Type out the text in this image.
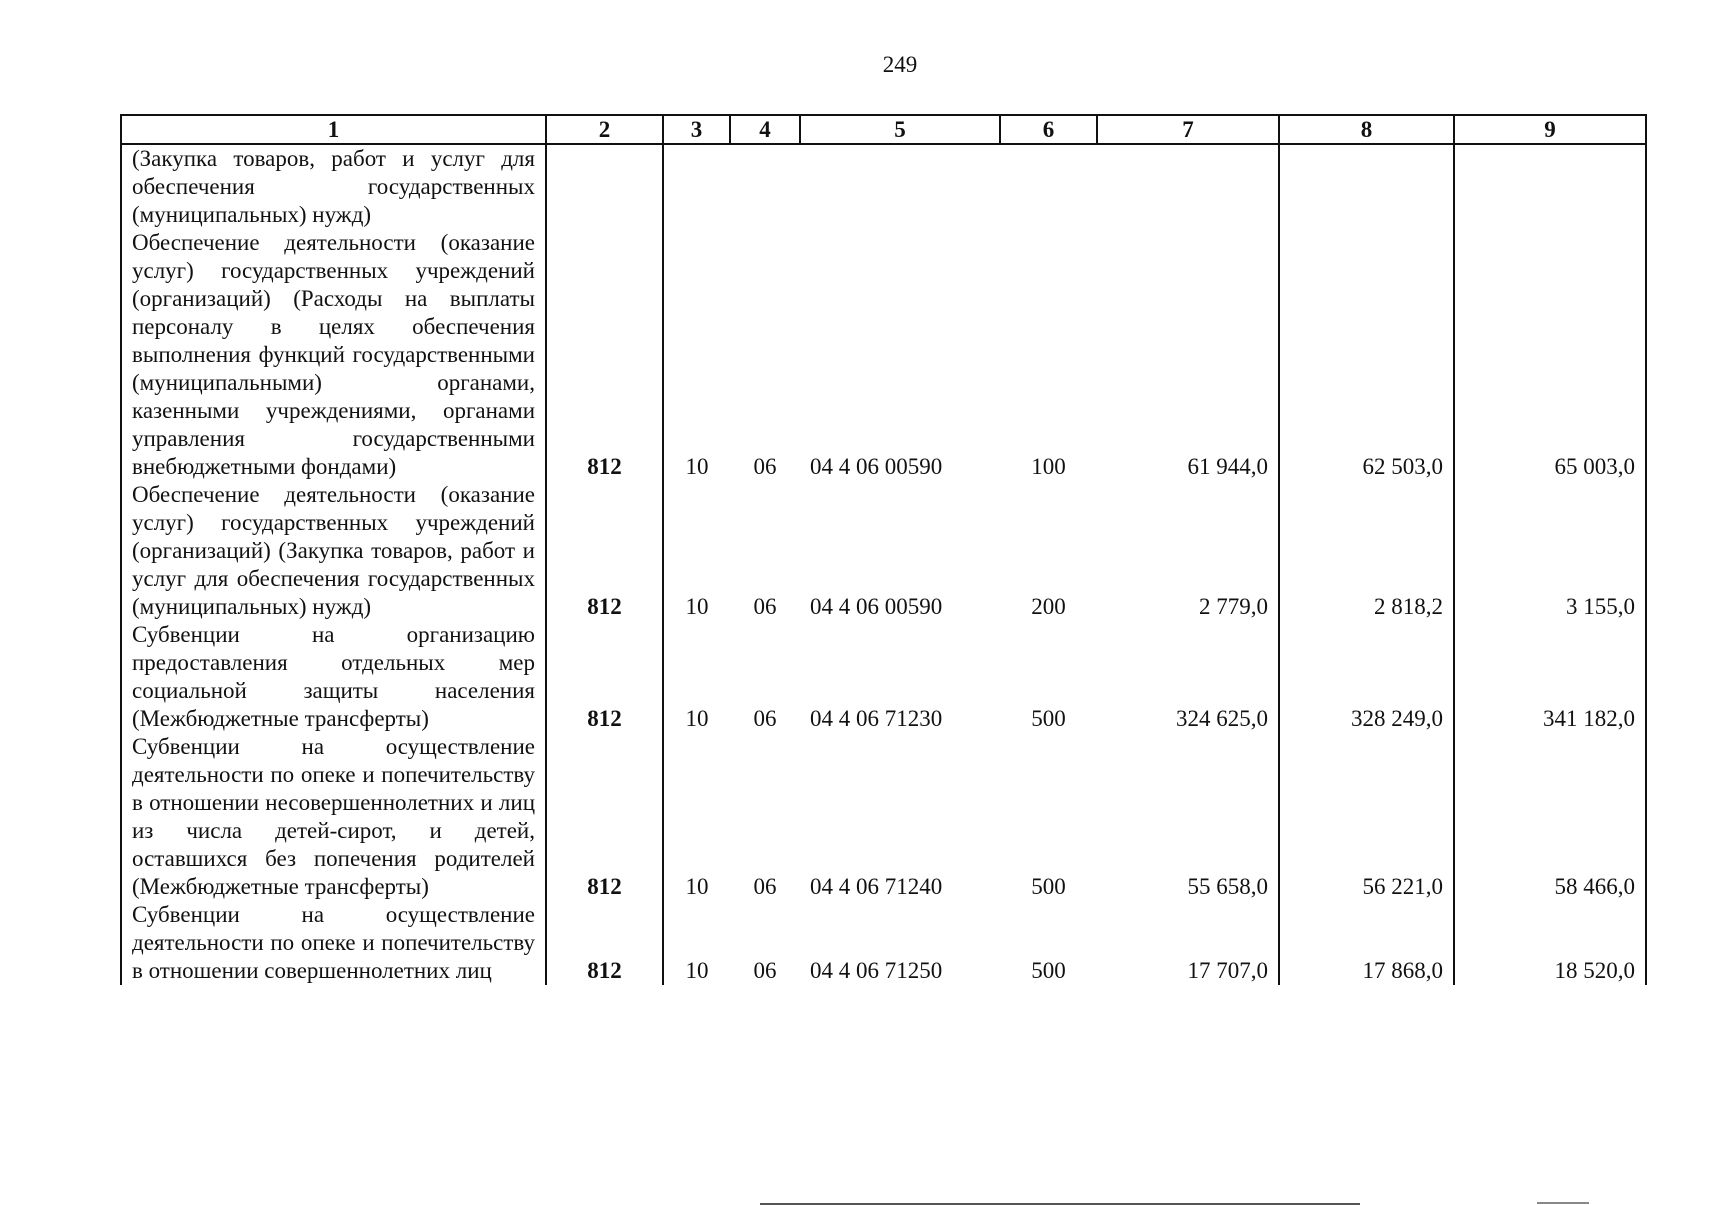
249
1	2	3	4	5	6	7	8	9

(Закупка товаров, работ и услуг для обеспечения государственных (муниципальных) нужд)								

Обеспечение деятельности (оказание услуг) государственных учреждений (организаций) (Расходы на выплаты персоналу в целях обеспечения выполнения функций государственными (муниципальными) органами, казенными учреждениями, органами управления государственными внебюджетными фондами)	812	10	06	04 4 06 00590	100	61 944,0	62 503,0	65 003,0

Обеспечение деятельности (оказание услуг) государственных учреждений (организаций) (Закупка товаров, работ и услуг для обеспечения государственных (муниципальных) нужд)	812	10	06	04 4 06 00590	200	2 779,0	2 818,2	3 155,0

Субвенции на организацию предоставления отдельных мер социальной защиты населения (Межбюджетные трансферты)	812	10	06	04 4 06 71230	500	324 625,0	328 249,0	341 182,0

Субвенции на осуществление деятельности по опеке и попечительству в отношении несовершеннолетних и лиц из числа детей-сирот, и детей, оставшихся без попечения родителей (Межбюджетные трансферты)	812	10	06	04 4 06 71240	500	55 658,0	56 221,0	58 466,0

Субвенции на осуществление деятельности по опеке и попечительству в отношении совершеннолетних лиц	812	10	06	04 4 06 71250	500	17 707,0	17 868,0	18 520,0
